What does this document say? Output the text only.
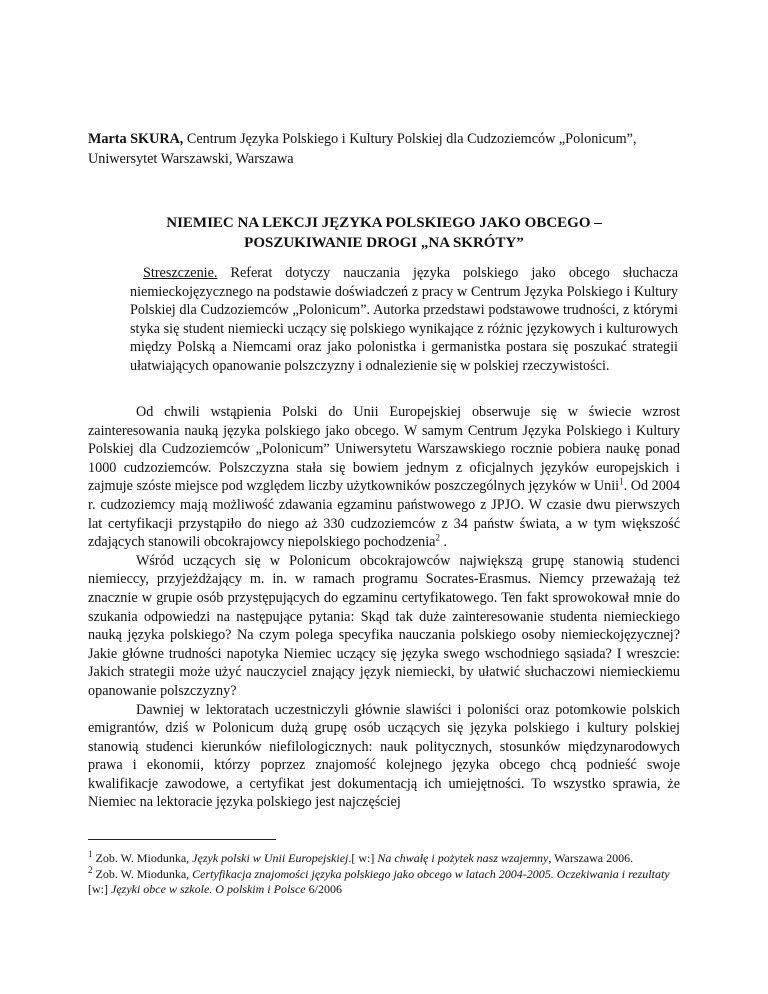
Marta SKURA, Centrum Języka Polskiego i Kultury Polskiej dla Cudzoziemców „Polonicum”, Uniwersytet Warszawski, Warszawa
NIEMIEC NA LEKCJI JĘZYKA POLSKIEGO JAKO OBCEGO –
POSZUKIWANIE DROGI „NA SKRÓTY”
Streszczenie. Referat dotyczy nauczania języka polskiego jako obcego słuchacza niemieckojęzycznego na podstawie doświadczeń z pracy w Centrum Języka Polskiego i Kultury Polskiej dla Cudzoziemców „Polonicum”. Autorka przedstawi podstawowe trudności, z którymi styka się student niemiecki uczący się polskiego wynikające z różnic językowych i kulturowych między Polską a Niemcami oraz jako polonistka i germanistka postara się poszukać strategii ułatwiających opanowanie polszczyzny i odnalezienie się w polskiej rzeczywistości.

Od chwili wstąpienia Polski do Unii Europejskiej obserwuje się w świecie wzrost zainteresowania nauką języka polskiego jako obcego. W samym Centrum Języka Polskiego i Kultury Polskiej dla Cudzoziemców „Polonicum” Uniwersytetu Warszawskiego rocznie pobiera naukę ponad 1000 cudzoziemców. Polszczyzna stała się bowiem jednym z oficjalnych języków europejskich i zajmuje szóste miejsce pod względem liczby użytkowników poszczególnych języków w Unii$^1$. Od 2004 r. cudzoziemcy mają możliwość zdawania egzaminu państwowego z JPJO. W czasie dwu pierwszych lat certyfikacji przystąpiło do niego aż 330 cudzoziemców z 34 państw świata, a w tym większość zdających stanowili obcokrajowcy niepolskiego pochodzenia$^2$ .

Wśród uczących się w Polonicum obcokrajowców największą grupę stanowią studenci niemieccy, przyjeżdżający m. in. w ramach programu Socrates-Erasmus. Niemcy przeważają też znacznie w grupie osób przystępujących do egzaminu certyfikatowego. Ten fakt sprowokował mnie do szukania odpowiedzi na następujące pytania: Skąd tak duże zainteresowanie studenta niemieckiego nauką języka polskiego? Na czym polega specyfika nauczania polskiego osoby niemieckojęzycznej? Jakie główne trudności napotyka Niemiec uczący się języka swego wschodniego sąsiada? I wreszcie: Jakich strategii może użyć nauczyciel znający język niemiecki, by ułatwić słuchaczowi niemieckiemu opanowanie polszczyzny?

Dawniej w lektoratach uczestniczyli głównie slawiści i poloniści oraz potomkowie polskich emigrantów, dziś w Polonicum dużą grupę osób uczących się języka polskiego i kultury polskiej stanowią studenci kierunków niefilologicznych: nauk politycznych, stosunków międzynarodowych prawa i ekonomii, którzy poprzez znajomość kolejnego języka obcego chcą podnieść swoje kwalifikacje zawodowe, a certyfikat jest dokumentacją ich umiejętności. To wszystko sprawia, że Niemiec na lektoracie języka polskiego jest najczęściej

$^1$ Zob. W. Miodunka, Język polski w Unii Europejskiej.[ w:] Na chwałę i pożytek nasz wzajemny, Warszawa 2006.
$^2$ Zob. W. Miodunka, Certyfikacja znajomości języka polskiego jako obcego w latach 2004-2005. Oczekiwania i rezultaty [w:] Języki obce w szkole. O polskim i Polsce 6/2006
